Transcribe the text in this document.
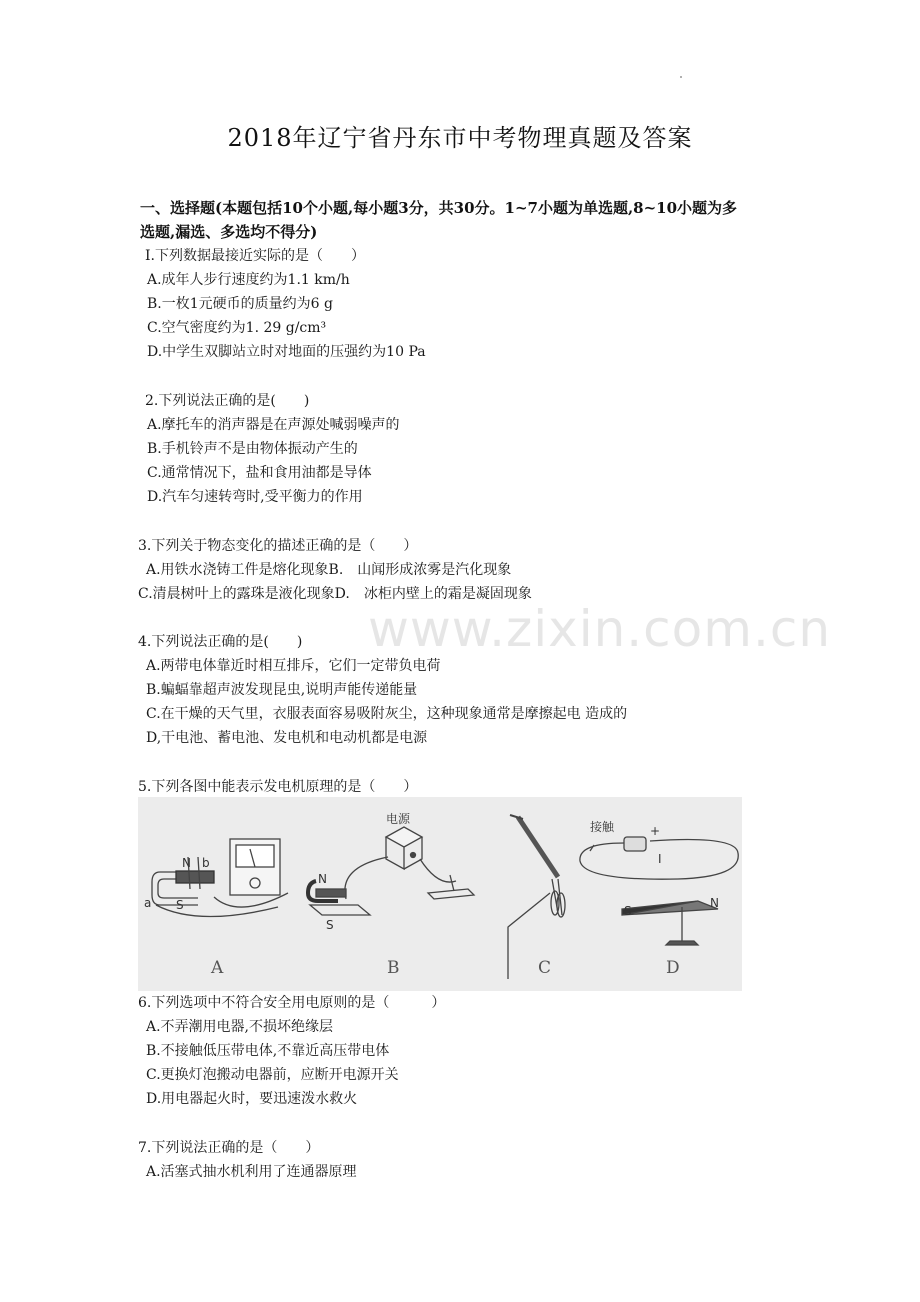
2018年辽宁省丹东市中考物理真题及答案
一、选择题(本题包括10个小题,每小题3分，共30分。1~7小题为单选题,8~10小题为多
选题,漏选、多选均不得分)
www.zixin.com.cn
I.下列数据最接近实际的是（　　）
A.成年人步行速度约为1.1 km/h
B.一枚1元硬币的质量约为6 g
C.空气密度约为1. 29 g/cm³
D.中学生双脚站立时对地面的压强约为10 Pa
2.下列说法正确的是(　　)
A.摩托车的消声器是在声源处喊弱噪声的
B.手机铃声不是由物体振动产生的
C.通常情况下，盐和食用油都是导体
D.汽车匀速转弯时,受平衡力的作用
3.下列关于物态变化的描述正确的是（　　）
A.用铁水浇铸工件是熔化现象B.　山闻形成浓雾是汽化现象
C.清晨树叶上的露珠是液化现象D.　冰柜内壁上的霜是凝固现象
4.下列说法正确的是(　　)
A.两带电体靠近时相互排斥，它们一定带负电荷
B.蝙蝠靠超声波发现昆虫,说明声能传递能量
C.在干燥的天气里，衣服表面容易吸附灰尘，这种现象通常是摩擦起电 造成的
D,干电池、蓄电池、发电机和电动机都是电源
5.下列各图中能表示发电机原理的是（　　）
N b
S
a
电源
N
S
接触	+
I
S
N
A	B	C	D
6.下列选项中不符合安全用电原则的是（　　　）
A.不弄潮用电器,不损坏绝缘层
B.不接触低压带电体,不靠近高压带电体
C.更换灯泡搬动电器前，应断开电源开关
D.用电器起火时，要迅速泼水救火
7.下列说法正确的是（　　）
A.活塞式抽水机利用了连通器原理
